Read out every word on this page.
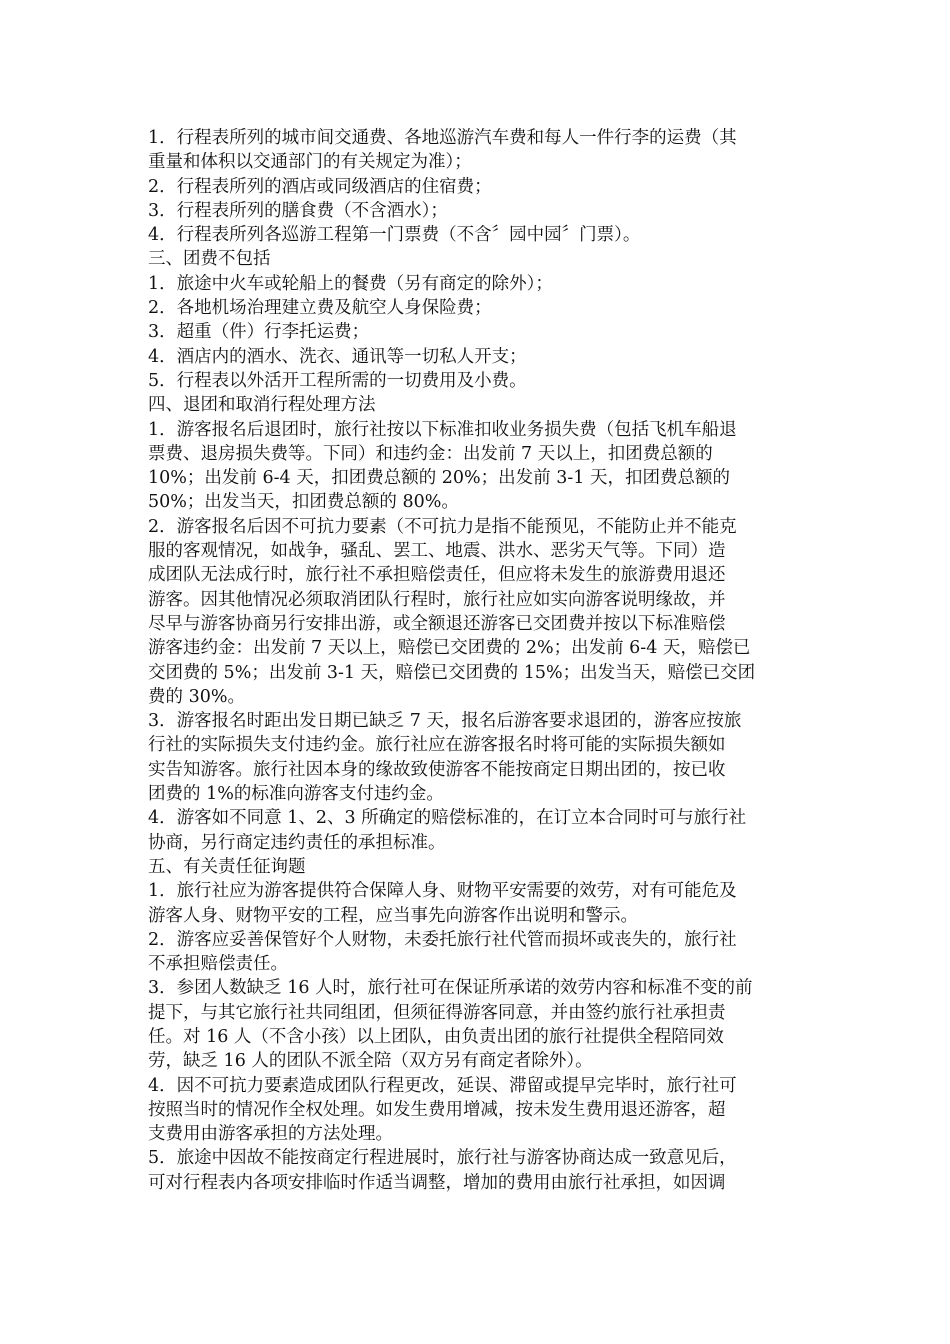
1．行程表所列的城市间交通费、各地巡游汽车费和每人一件行李的运费（其

重量和体积以交通部门的有关规定为准）；

2．行程表所列的酒店或同级酒店的住宿费；

3．行程表所列的膳食费（不含酒水）；

4．行程表所列各巡游工程第一门票费（不含〞园中园〞门票）。

三、团费不包括

1．旅途中火车或轮船上的餐费（另有商定的除外）；

2．各地机场治理建立费及航空人身保险费；

3．超重（件）行李托运费；

4．酒店内的酒水、洗衣、通讯等一切私人开支；

5．行程表以外活开工程所需的一切费用及小费。

四、退团和取消行程处理方法

1．游客报名后退团时，旅行社按以下标准扣收业务损失费（包括飞机车船退

票费、退房损失费等。下同）和违约金：出发前 7 天以上，扣团费总额的

10%；出发前 6-4 天，扣团费总额的 20%；出发前 3-1 天，扣团费总额的

50%；出发当天，扣团费总额的 80%。

2．游客报名后因不可抗力要素（不可抗力是指不能预见，不能防止并不能克

服的客观情况，如战争，骚乱、罢工、地震、洪水、恶劣天气等。下同）造

成团队无法成行时，旅行社不承担赔偿责任，但应将未发生的旅游费用退还

游客。因其他情况必须取消团队行程时，旅行社应如实向游客说明缘故，并

尽早与游客协商另行安排出游，或全额退还游客已交团费并按以下标准赔偿

游客违约金：出发前 7 天以上，赔偿已交团费的 2%；出发前 6-4 天，赔偿已

交团费的 5%；出发前 3-1 天，赔偿已交团费的 15%；出发当天，赔偿已交团

费的 30%。

3．游客报名时距出发日期已缺乏 7 天，报名后游客要求退团的，游客应按旅

行社的实际损失支付违约金。旅行社应在游客报名时将可能的实际损失额如

实告知游客。旅行社因本身的缘故致使游客不能按商定日期出团的，按已收

团费的 1%的标准向游客支付违约金。

4．游客如不同意 1、2、3 所确定的赔偿标准的，在订立本合同时可与旅行社

协商，另行商定违约责任的承担标准。

五、有关责任征询题

1．旅行社应为游客提供符合保障人身、财物平安需要的效劳，对有可能危及

游客人身、财物平安的工程，应当事先向游客作出说明和警示。

2．游客应妥善保管好个人财物，未委托旅行社代管而损坏或丧失的，旅行社

不承担赔偿责任。

3．参团人数缺乏 16 人时，旅行社可在保证所承诺的效劳内容和标准不变的前

提下，与其它旅行社共同组团，但须征得游客同意，并由签约旅行社承担责

任。对 16 人（不含小孩）以上团队，由负责出团的旅行社提供全程陪同效

劳，缺乏 16 人的团队不派全陪（双方另有商定者除外）。

4．因不可抗力要素造成团队行程更改，延误、滞留或提早完毕时，旅行社可

按照当时的情况作全权处理。如发生费用增减，按未发生费用退还游客，超

支费用由游客承担的方法处理。

5．旅途中因故不能按商定行程进展时，旅行社与游客协商达成一致意见后，

可对行程表内各项安排临时作适当调整，增加的费用由旅行社承担，如因调
